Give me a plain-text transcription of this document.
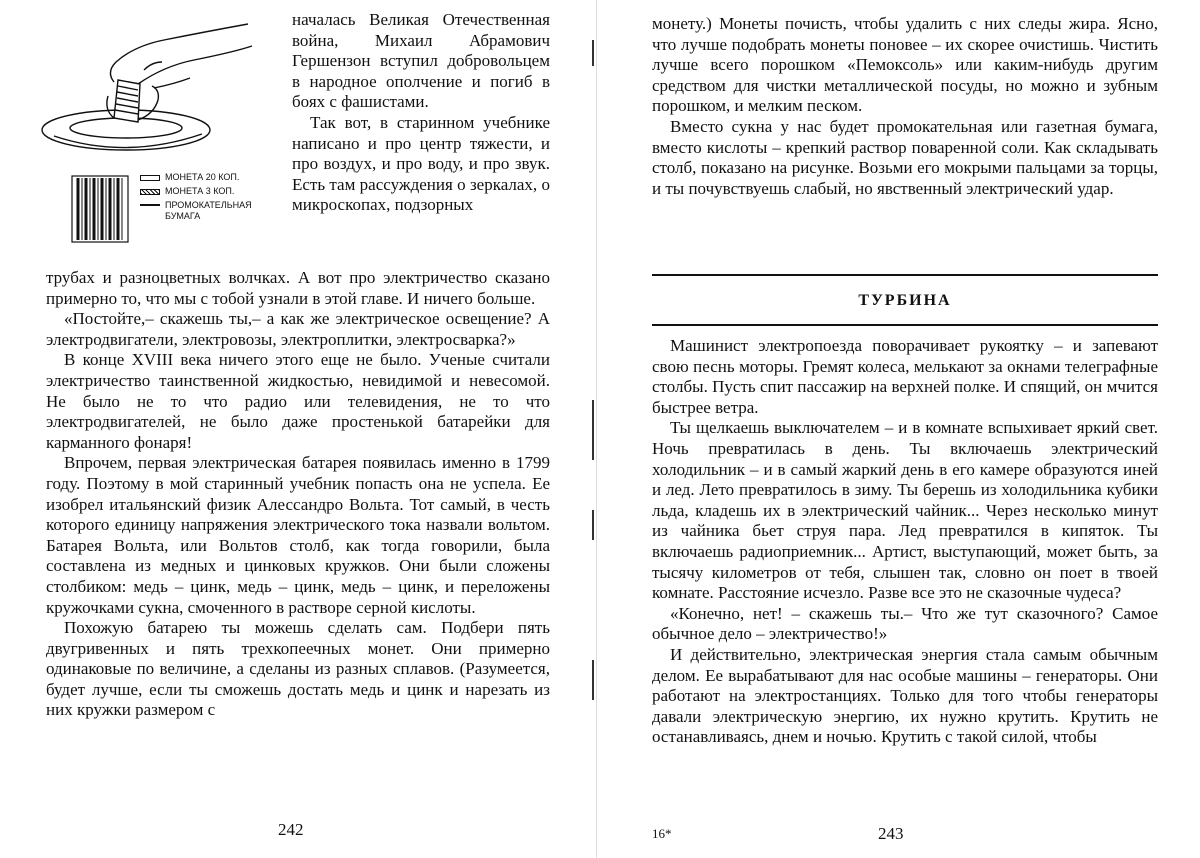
МОНЕТА 20 КОП.
МОНЕТА 3 КОП.
ПРОМОКАТЕЛЬНАЯ БУМАГА

началась Великая Отечественная война, Михаил Абрамович Гершензон вступил добровольцем в народное ополчение и погиб в боях с фашистами.

Так вот, в старинном учебнике написано и про центр тяжести, и про воздух, и про воду, и про звук. Есть там рассуждения о зеркалах, о микроскопах, подзорных

трубах и разноцветных волчках. А вот про электричество сказано примерно то, что мы с тобой узнали в этой главе. И ничего больше.

«Постойте,– скажешь ты,– а как же электрическое освещение? А электродвигатели, электровозы, электроплитки, электросварка?»

В конце XVIII века ничего этого еще не было. Ученые считали электричество таинственной жидкостью, невидимой и невесомой. Не было не то что радио или телевидения, не то что электродвигателей, не было даже простенькой батарейки для карманного фонаря!

Впрочем, первая электрическая батарея появилась именно в 1799 году. Поэтому в мой старинный учебник попасть она не успела. Ее изобрел итальянский физик Алессандро Вольта. Тот самый, в честь которого единицу напряжения электрического тока назвали вольтом. Батарея Вольта, или Вольтов столб, как тогда говорили, была составлена из медных и цинковых кружков. Они были сложены столбиком: медь – цинк, медь – цинк, медь – цинк, и переложены кружочками сукна, смоченного в растворе серной кислоты.

Похожую батарею ты можешь сделать сам. Подбери пять двугривенных и пять трехкопеечных монет. Они примерно одинаковые по величине, а сделаны из разных сплавов. (Разумеется, будет лучше, если ты сможешь достать медь и цинк и нарезать из них кружки размером с

242

монету.) Монеты почисть, чтобы удалить с них следы жира. Ясно, что лучше подобрать монеты поновее – их скорее очистишь. Чистить лучше всего порошком «Пемоксоль» или каким-нибудь другим средством для чистки металлической посуды, но можно и зубным порошком, и мелким песком.

Вместо сукна у нас будет промокательная или газетная бумага, вместо кислоты – крепкий раствор поваренной соли. Как складывать столб, показано на рисунке. Возьми его мокрыми пальцами за торцы, и ты почувствуешь слабый, но явственный электрический удар.

ТУРБИНА

Машинист электропоезда поворачивает рукоятку – и запевают свою песнь моторы. Гремят колеса, мелькают за окнами телеграфные столбы. Пусть спит пассажир на верхней полке. И спящий, он мчится быстрее ветра.

Ты щелкаешь выключателем – и в комнате вспыхивает яркий свет. Ночь превратилась в день. Ты включаешь электрический холодильник – и в самый жаркий день в его камере образуются иней и лед. Лето превратилось в зиму. Ты берешь из холодильника кубики льда, кладешь их в электрический чайник... Через несколько минут из чайника бьет струя пара. Лед превратился в кипяток. Ты включаешь радиоприемник... Артист, выступающий, может быть, за тысячу километров от тебя, слышен так, словно он поет в твоей комнате. Расстояние исчезло. Разве все это не сказочные чудеса?

«Конечно, нет! – скажешь ты.– Что же тут сказочного? Самое обычное дело – электричество!»

И действительно, электрическая энергия стала самым обычным делом. Ее вырабатывают для нас особые машины – генераторы. Они работают на электростанциях. Только для того чтобы генераторы давали электрическую энергию, их нужно крутить. Крутить не останавливаясь, днем и ночью. Крутить с такой силой, чтобы

16*	243
